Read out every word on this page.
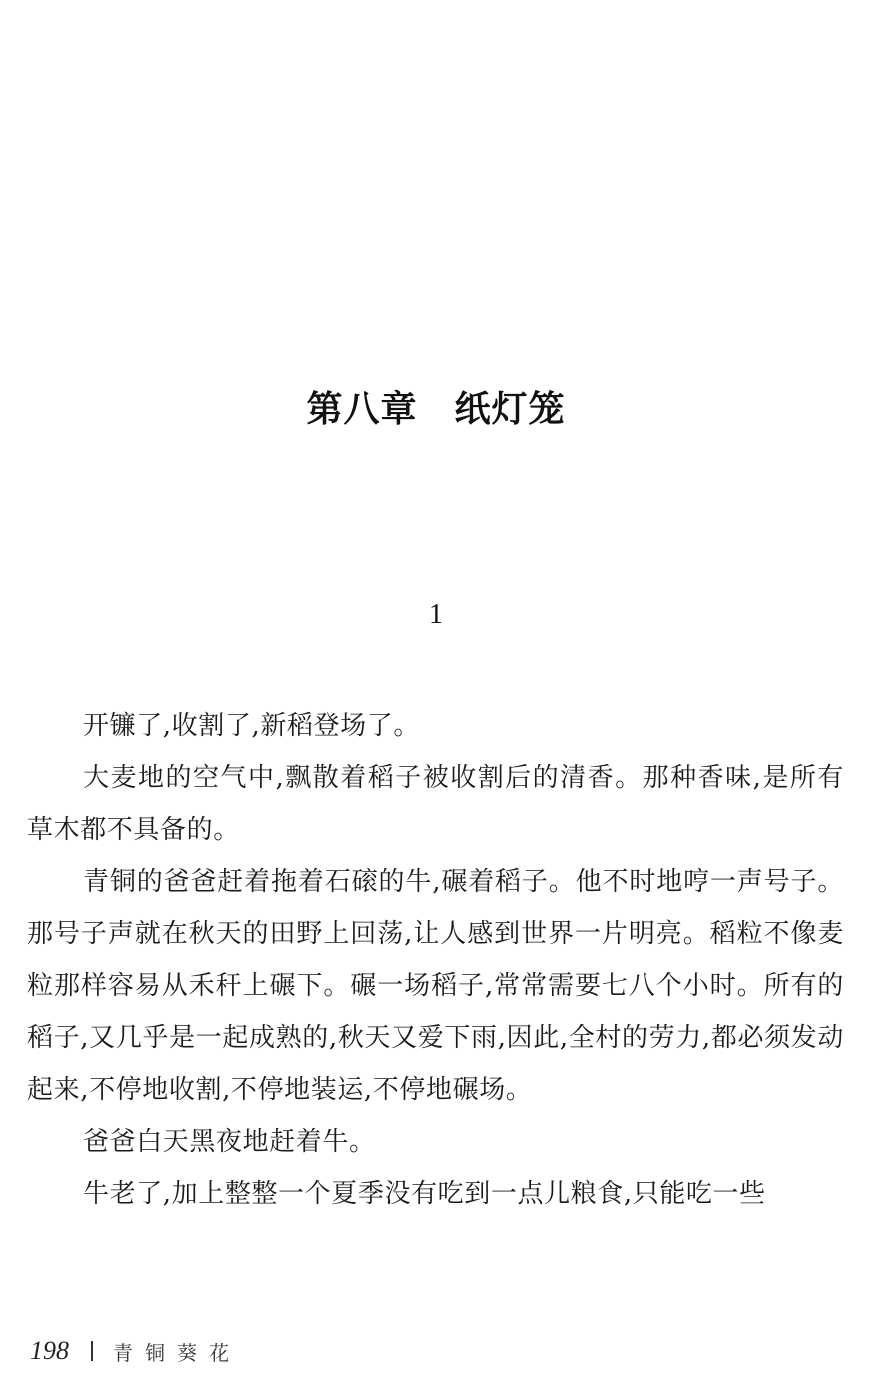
第八章　纸灯笼
1

开镰了,收割了,新稻登场了。

大麦地的空气中,飘散着稻子被收割后的清香。那种香味,是所有草木都不具备的。

青铜的爸爸赶着拖着石磙的牛,碾着稻子。他不时地哼一声号子。那号子声就在秋天的田野上回荡,让人感到世界一片明亮。稻粒不像麦粒那样容易从禾秆上碾下。碾一场稻子,常常需要七八个小时。所有的稻子,又几乎是一起成熟的,秋天又爱下雨,因此,全村的劳力,都必须发动起来,不停地收割,不停地装运,不停地碾场。

爸爸白天黑夜地赶着牛。

牛老了,加上整整一个夏季没有吃到一点儿粮食,只能吃一些

198 青铜葵花
